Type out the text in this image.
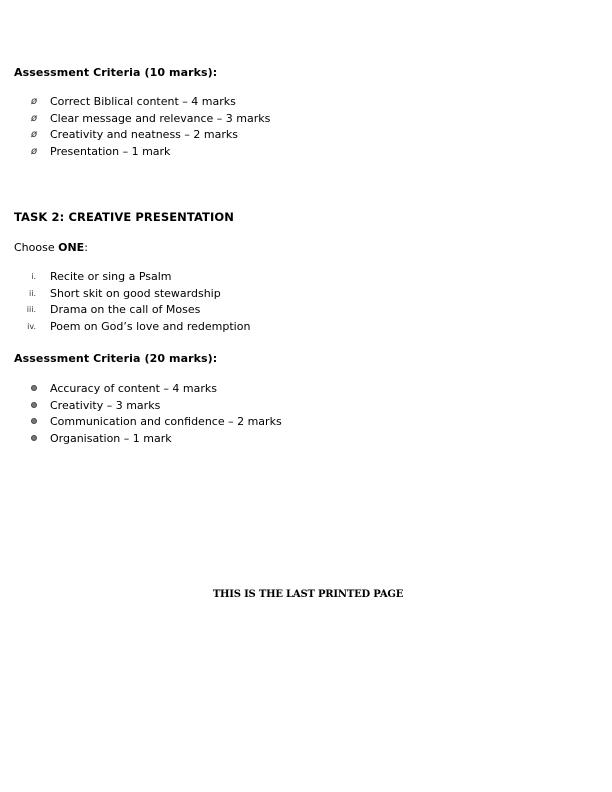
Assessment Criteria (10 marks):
ø	Correct Biblical content – 4 marks
ø	Clear message and relevance – 3 marks
ø	Creativity and neatness – 2 marks
ø	Presentation – 1 mark
TASK 2: CREATIVE PRESENTATION
Choose ONE:
i. Recite or sing a Psalm
ii. Short skit on good stewardship
iii. Drama on the call of Moses
iv. Poem on God’s love and redemption
Assessment Criteria (20 marks):
Accuracy of content – 4 marks
Creativity – 3 marks
Communication and confidence – 2 marks
Organisation – 1 mark
THIS IS THE LAST PRINTED PAGE
